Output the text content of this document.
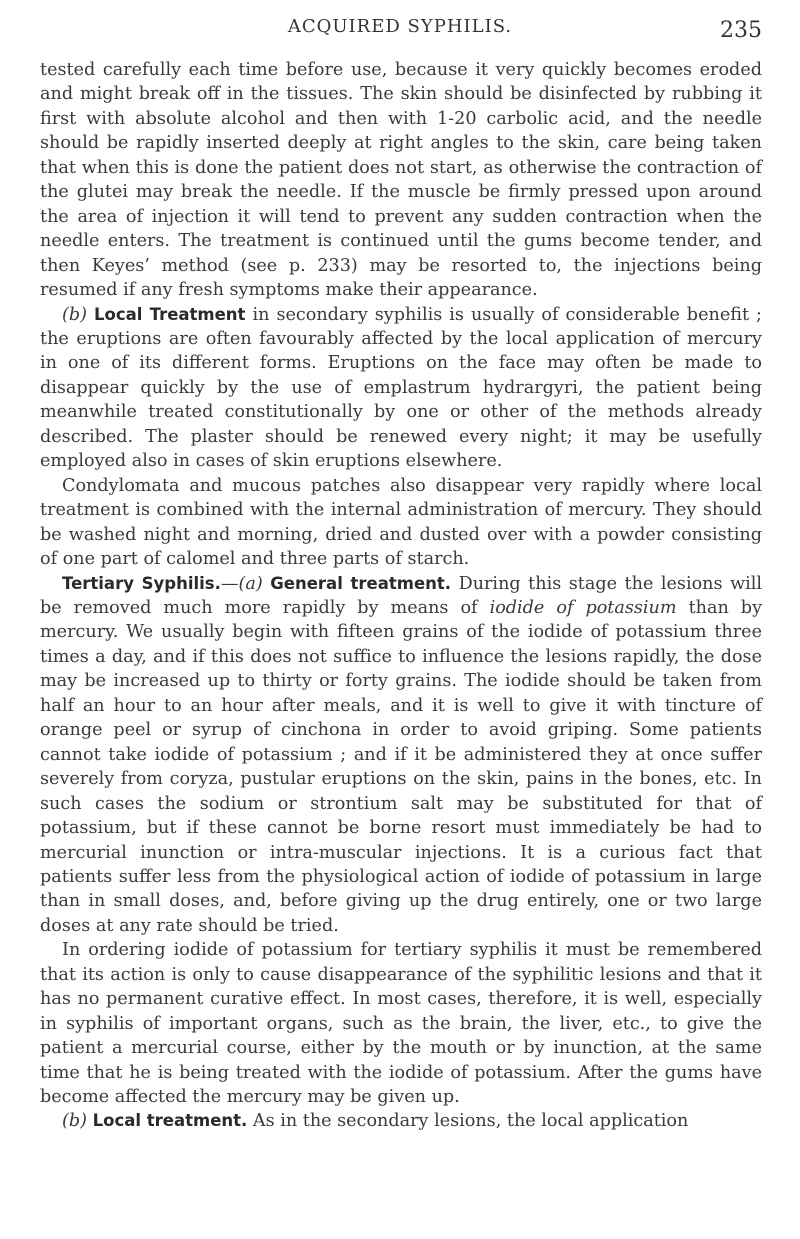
ACQUIRED SYPHILIS.	235

tested carefully each time before use, because it very quickly becomes eroded and might break off in the tissues. The skin should be disinfected by rubbing it first with absolute alcohol and then with 1-20 carbolic acid, and the needle should be rapidly inserted deeply at right angles to the skin, care being taken that when this is done the patient does not start, as otherwise the contraction of the glutei may break the needle. If the muscle be firmly pressed upon around the area of injection it will tend to prevent any sudden contraction when the needle enters. The treatment is continued until the gums become tender, and then Keyes’ method (see p. 233) may be resorted to, the injections being resumed if any fresh symptoms make their appearance.

(b) Local Treatment in secondary syphilis is usually of considerable benefit ; the eruptions are often favourably affected by the local application of mercury in one of its different forms. Eruptions on the face may often be made to disappear quickly by the use of emplastrum hydrargyri, the patient being meanwhile treated constitutionally by one or other of the methods already described. The plaster should be renewed every night; it may be usefully employed also in cases of skin eruptions elsewhere.

Condylomata and mucous patches also disappear very rapidly where local treatment is combined with the internal administration of mercury. They should be washed night and morning, dried and dusted over with a powder consisting of one part of calomel and three parts of starch.

Tertiary Syphilis.—(a) General treatment. During this stage the lesions will be removed much more rapidly by means of iodide of potassium than by mercury. We usually begin with fifteen grains of the iodide of potassium three times a day, and if this does not suffice to influence the lesions rapidly, the dose may be increased up to thirty or forty grains. The iodide should be taken from half an hour to an hour after meals, and it is well to give it with tincture of orange peel or syrup of cinchona in order to avoid griping. Some patients cannot take iodide of potassium ; and if it be administered they at once suffer severely from coryza, pustular eruptions on the skin, pains in the bones, etc. In such cases the sodium or strontium salt may be substituted for that of potassium, but if these cannot be borne resort must immediately be had to mercurial inunction or intra-muscular injections. It is a curious fact that patients suffer less from the physiological action of iodide of potassium in large than in small doses, and, before giving up the drug entirely, one or two large doses at any rate should be tried.

In ordering iodide of potassium for tertiary syphilis it must be remembered that its action is only to cause disappearance of the syphilitic lesions and that it has no permanent curative effect. In most cases, therefore, it is well, especially in syphilis of important organs, such as the brain, the liver, etc., to give the patient a mercurial course, either by the mouth or by inunction, at the same time that he is being treated with the iodide of potassium. After the gums have become affected the mercury may be given up.

(b) Local treatment. As in the secondary lesions, the local application
